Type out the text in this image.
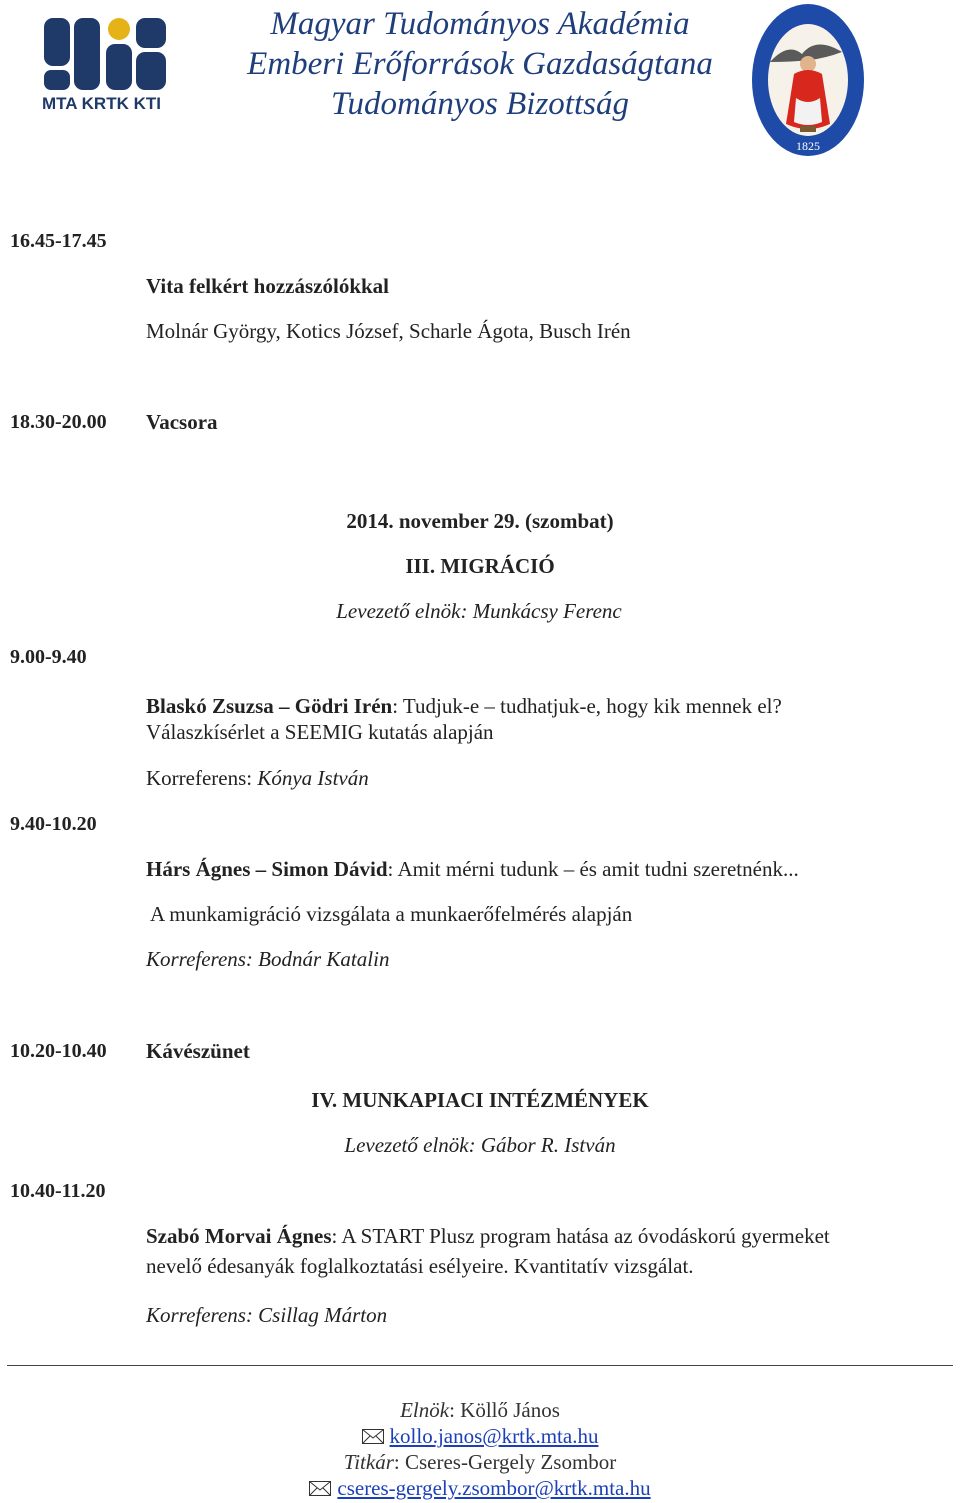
MTA KRTK KTI
Magyar Tudományos Akadémia
Emberi Erőforrások Gazdaságtana
Tudományos Bizottság
1825
16.45-17.45
Vita felkért hozzászólókkal
Molnár György, Kotics József, Scharle Ágota, Busch Irén
18.30-20.00 Vacsora
2014. november 29. (szombat)
III. MIGRÁCIÓ
Levezető elnök: Munkácsy Ferenc
9.00-9.40
Blaskó Zsuzsa – Gödri Irén: Tudjuk-e – tudhatjuk-e, hogy kik mennek el?
Válaszkísérlet a SEEMIG kutatás alapján
Korreferens: Kónya István
9.40-10.20
Hárs Ágnes – Simon Dávid: Amit mérni tudunk – és amit tudni szeretnénk...
A munkamigráció vizsgálata a munkaerőfelmérés alapján
Korreferens: Bodnár Katalin
10.20-10.40 Kávészünet
IV. MUNKAPIACI INTÉZMÉNYEK
Levezető elnök: Gábor R. István
10.40-11.20
Szabó Morvai Ágnes: A START Plusz program hatása az óvodáskorú gyermeket
nevelő édesanyák foglalkoztatási esélyeire. Kvantitatív vizsgálat.
Korreferens: Csillag Márton
Elnök: Köllő János
kollo.janos@krtk.mta.hu
Titkár: Cseres-Gergely Zsombor
cseres-gergely.zsombor@krtk.mta.hu
